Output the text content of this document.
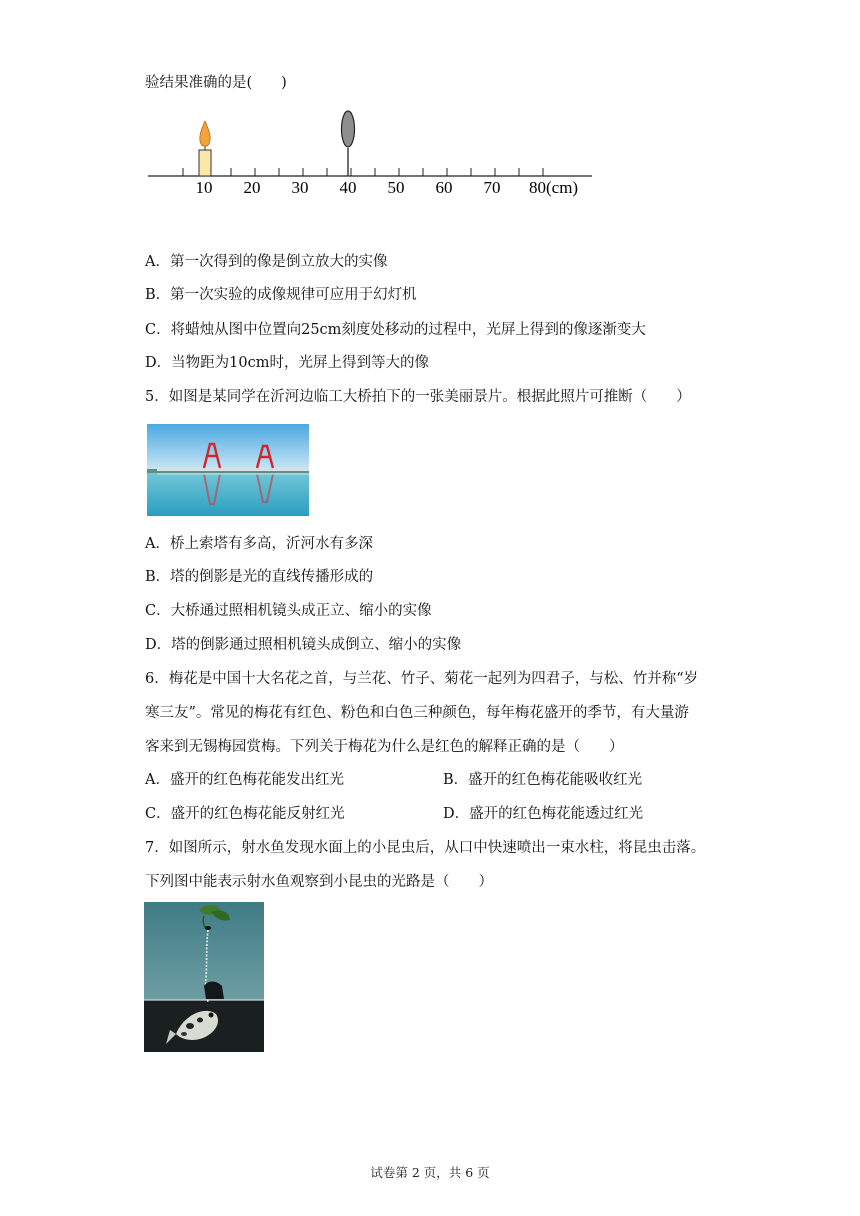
验结果准确的是(　　)
10 20 30 40 50 60 70 80(cm)
A．第一次得到的像是倒立放大的实像
B．第一次实验的成像规律可应用于幻灯机
C．将蜡烛从图中位置向25cm刻度处移动的过程中，光屏上得到的像逐渐变大
D．当物距为10cm时，光屏上得到等大的像
5．如图是某同学在沂河边临工大桥拍下的一张美丽景片。根据此照片可推断（　　）
A．桥上索塔有多高，沂河水有多深
B．塔的倒影是光的直线传播形成的
C．大桥通过照相机镜头成正立、缩小的实像
D．塔的倒影通过照相机镜头成倒立、缩小的实像
6．梅花是中国十大名花之首，与兰花、竹子、菊花一起列为四君子，与松、竹并称“岁
寒三友”。常见的梅花有红色、粉色和白色三种颜色，每年梅花盛开的季节，有大量游
客来到无锡梅园赏梅。下列关于梅花为什么是红色的解释正确的是（　　）
A．盛开的红色梅花能发出红光	B．盛开的红色梅花能吸收红光
C．盛开的红色梅花能反射红光	D．盛开的红色梅花能透过红光
7．如图所示，射水鱼发现水面上的小昆虫后，从口中快速喷出一束水柱，将昆虫击落。
下列图中能表示射水鱼观察到小昆虫的光路是（　　）
试卷第 2 页，共 6 页
